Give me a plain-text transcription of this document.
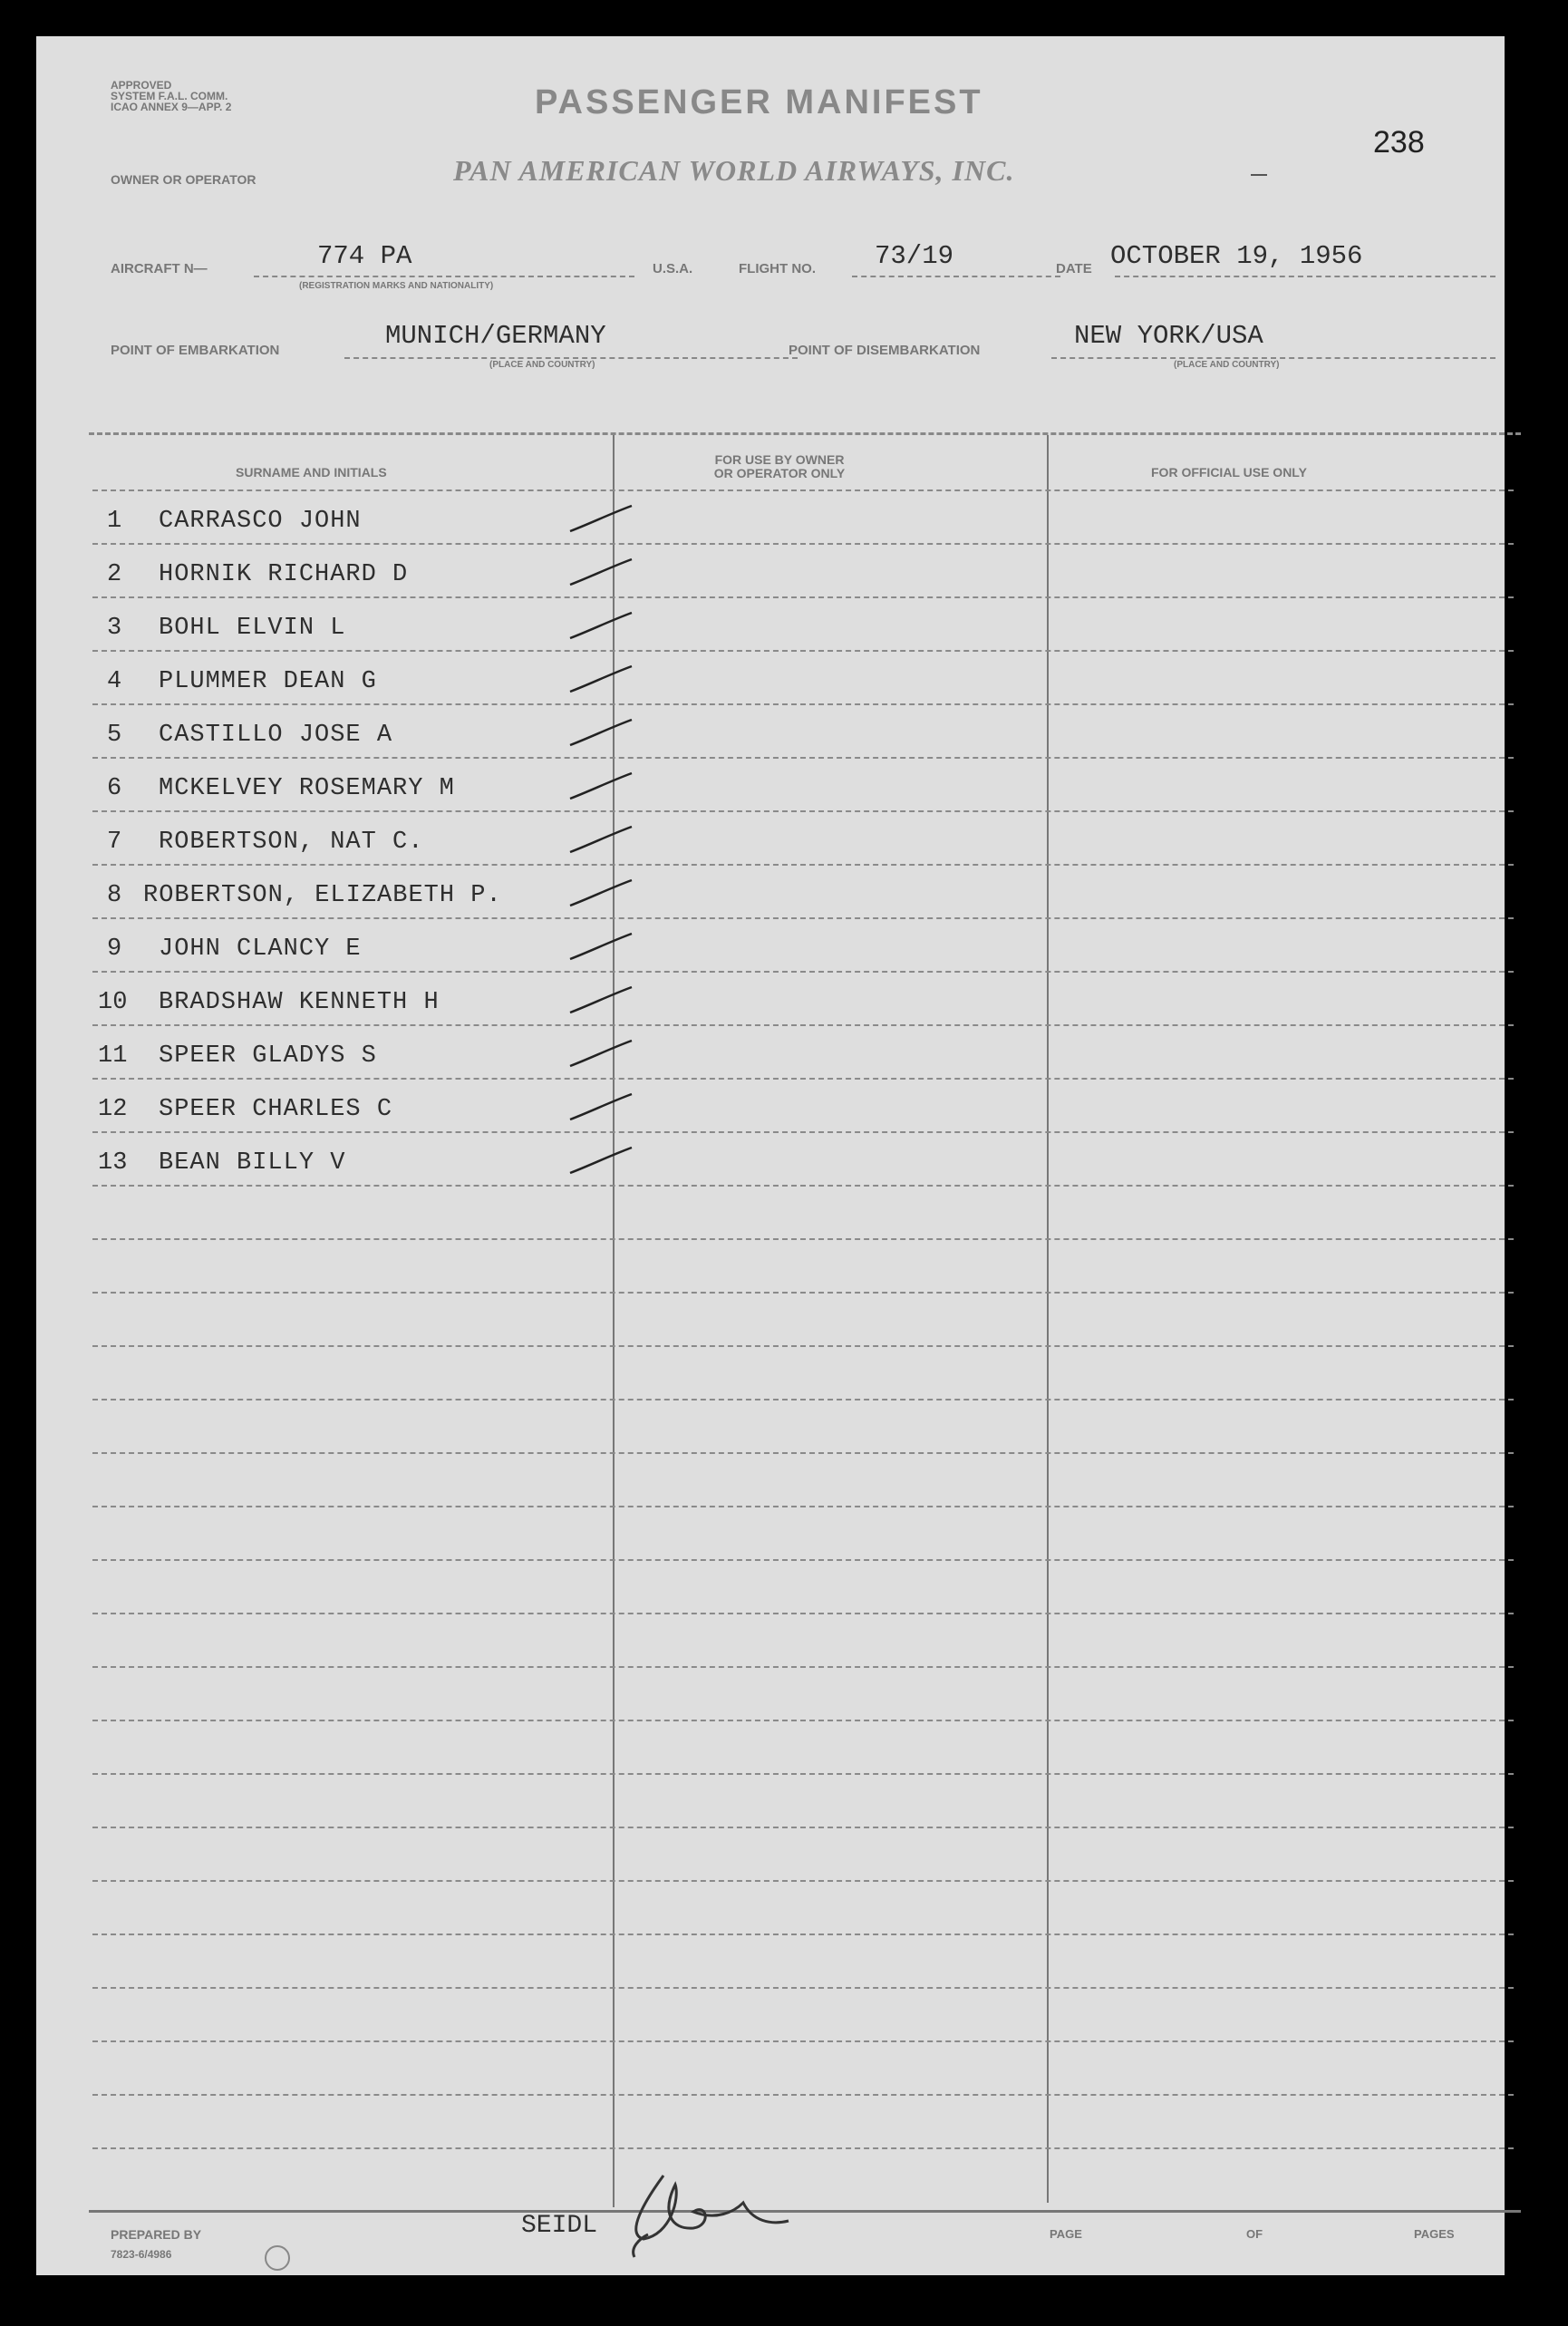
APPROVED
SYSTEM F.A.L. COMM.
ICAO ANNEX 9—APP. 2	PASSENGER MANIFEST
238
OWNER OR OPERATOR	PAN AMERICAN WORLD AIRWAYS, INC.
AIRCRAFT N—	774 PA
(REGISTRATION MARKS AND NATIONALITY)
U.S.A.	FLIGHT NO. 73/19	DATE OCTOBER 19, 1956
POINT OF EMBARKATION	MUNICH/GERMANY
(PLACE AND COUNTRY)
POINT OF DISEMBARKATION	NEW YORK/USA
(PLACE AND COUNTRY)
SURNAME AND INITIALS
FOR USE BY OWNER
OR OPERATOR ONLY	FOR OFFICIAL USE ONLY
1 CARRASCO JOHN
2 HORNIK RICHARD D
3 BOHL ELVIN L
4 PLUMMER DEAN G
5 CASTILLO JOSE A
6 MCKELVEY ROSEMARY M
7 ROBERTSON, NAT C.
8 ROBERTSON, ELIZABETH P.
9 JOHN CLANCY E
10 BRADSHAW KENNETH H
11 SPEER GLADYS S
12 SPEER CHARLES C
13 BEAN BILLY V
PREPARED BY
7823-6/4986
SEIDL	PAGE	OF	PAGES
